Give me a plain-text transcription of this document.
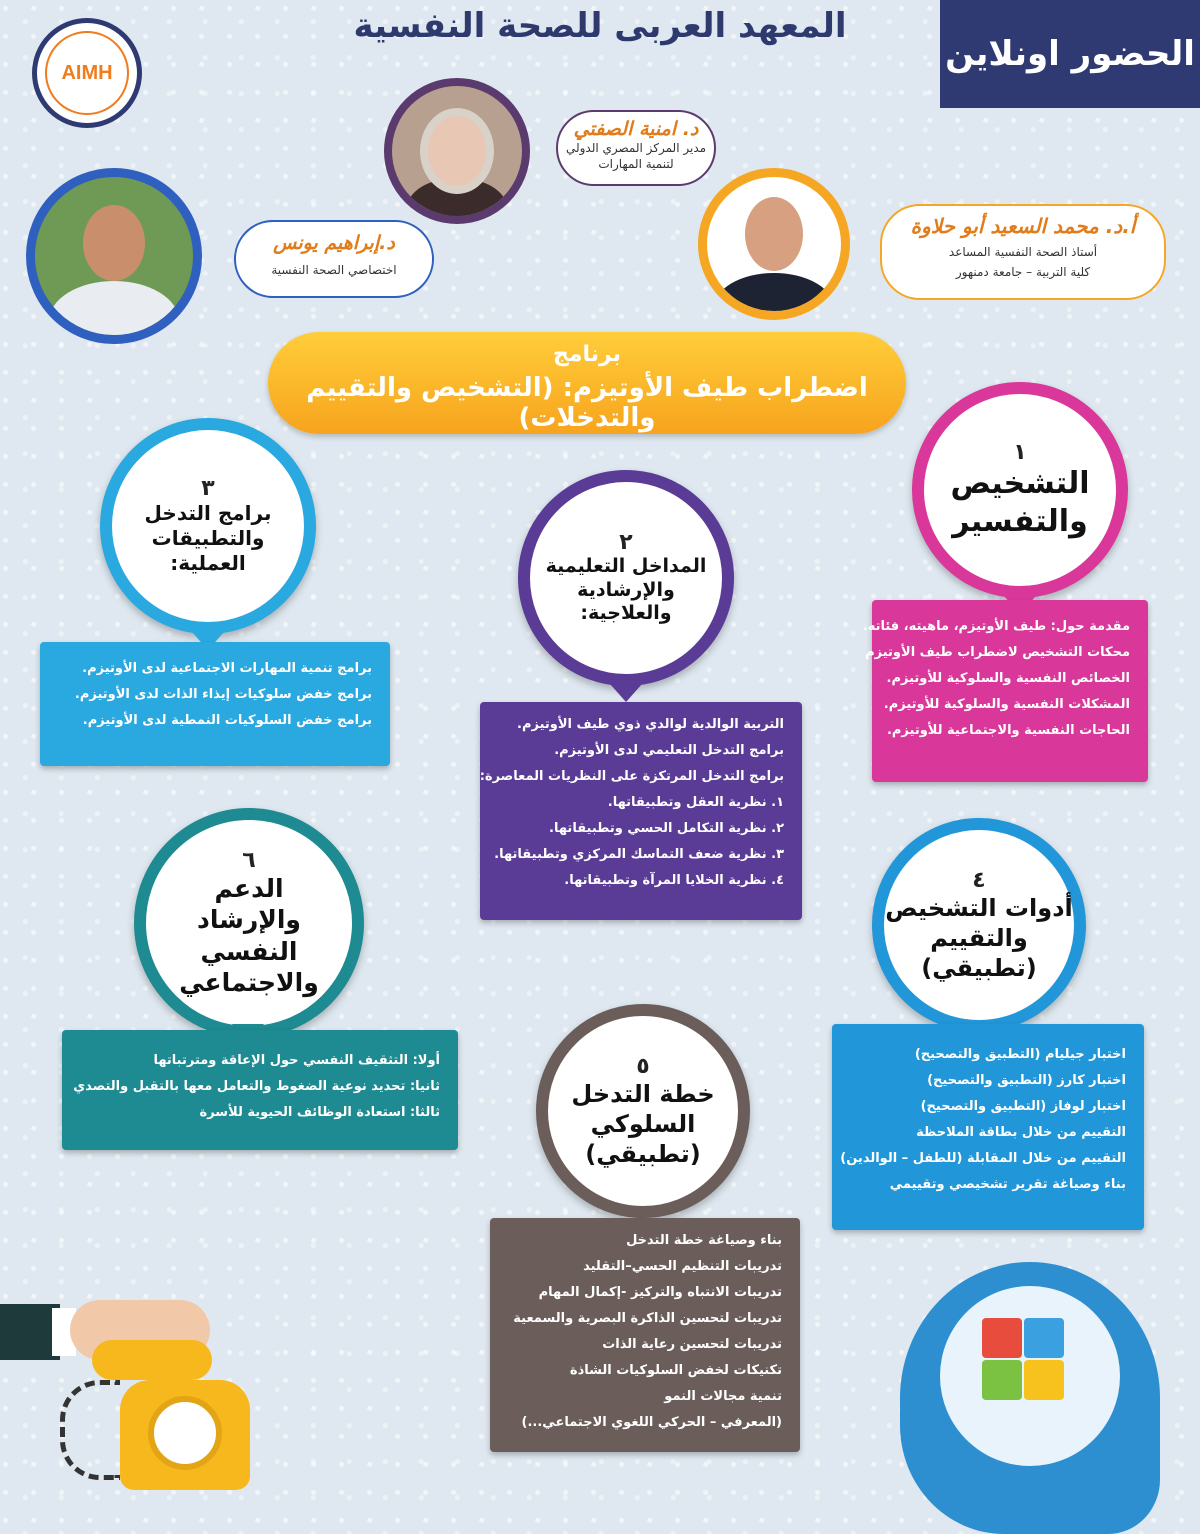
الحضور اونلاين
المعهد العربى للصحة النفسية
AIMH
د. امنية الصفتي
مدير المركز المصري الدولي
لتنمية المهارات
د.إبراهيم يونس
اختصاصي الصحة النفسية
أ.د. محمد السعيد أبو حلاوة
أستاذ الصحة النفسية المساعد
كلية التربية – جامعة دمنهور
برنامج
اضطراب طيف الأوتيزم: (التشخيص والتقييم والتدخلات)
١
التشخيص
والتفسير
مقدمة حول: طيف الأوتيزم، ماهيته، فئاته.
محكات التشخيص لاضطراب طيف الأوتيزم
الخصائص النفسية والسلوكية للأوتيزم.
المشكلات النفسية والسلوكية للأوتيزم.
الحاجات النفسية والاجتماعية للأوتيزم.
٢
المداخل التعليمية
والإرشادية والعلاجية:
التربية الوالدية لوالدي ذوي طيف الأوتيزم.
برامج التدخل التعليمي لدى الأوتيزم.
برامج التدخل المرتكزة على النظريات المعاصرة:
١. نظرية العقل وتطبيقاتها.
٢. نظرية التكامل الحسي وتطبيقاتها.
٣. نظرية ضعف التماسك المركزي وتطبيقاتها.
٤. نظرية الخلايا المرآة وتطبيقاتها.
٣
برامج التدخل
والتطبيقات العملية:
برامج تنمية المهارات الاجتماعية لدى الأوتيزم.
برامج خفض سلوكيات إيذاء الذات لدى الأوتيزم.
برامج خفض السلوكيات النمطية لدى الأوتيزم.
٤
أدوات التشخيص
والتقييم
(تطبيقي)
اختبار جيليام (التطبيق والتصحيح)
اختبار كارز (التطبيق والتصحيح)
اختبار لوفاز (التطبيق والتصحيح)
التقييم من خلال بطاقة الملاحظة
التقييم من خلال المقابلة (للطفل – الوالدين)
بناء وصياغة تقرير تشخيصي وتقييمي
٥
خطة التدخل
السلوكي
(تطبيقي)
بناء وصياغة خطة التدخل
تدريبات التنظيم الحسي–التقليد
تدريبات الانتباه والتركيز -إكمال المهام
تدريبات لتحسين الذاكرة البصرية والسمعية
تدريبات لتحسين رعاية الذات
تكنيكات لخفض السلوكيات الشاذة
تنمية مجالات النمو
(المعرفي – الحركي اللغوي الاجتماعي...)
٦
الدعم
والإرشاد النفسي
والاجتماعي
أولا: التثقيف النفسي حول الإعاقة ومترتباتها
ثانيا: تحديد نوعية الضغوط والتعامل معها بالتقبل والتصدي
ثالثا: استعادة الوظائف الحيوية للأسرة
